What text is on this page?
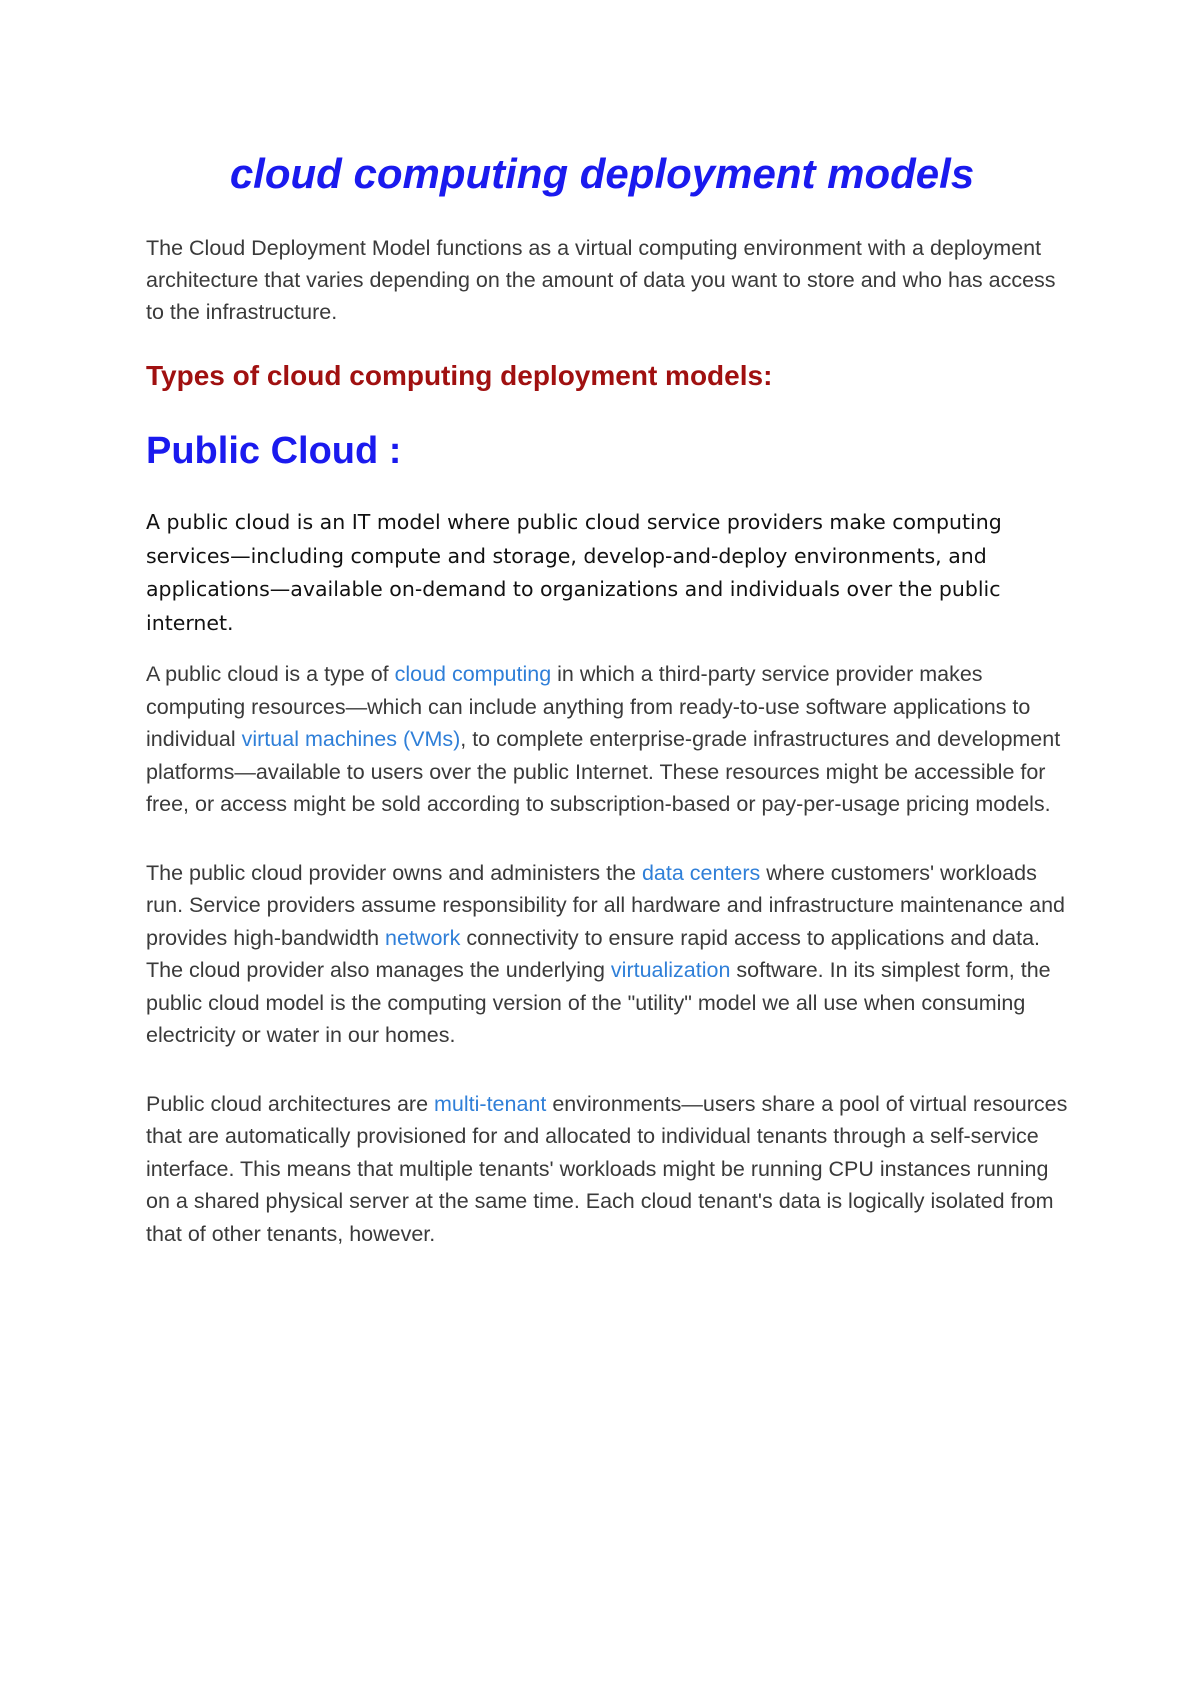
cloud computing deployment models

The Cloud Deployment Model functions as a virtual computing environment with a deployment architecture that varies depending on the amount of data you want to store and who has access to the infrastructure.

Types of cloud computing deployment models:
Public Cloud :

A public cloud is an IT model where public cloud service providers make computing services—including compute and storage, develop-and-deploy environments, and applications—available on-demand to organizations and individuals over the public internet.

A public cloud is a type of cloud computing in which a third-party service provider makes computing resources—which can include anything from ready-to-use software applications to individual virtual machines (VMs), to complete enterprise-grade infrastructures and development platforms—available to users over the public Internet. These resources might be accessible for free, or access might be sold according to subscription-based or pay-per-usage pricing models.

The public cloud provider owns and administers the data centers where customers' workloads run. Service providers assume responsibility for all hardware and infrastructure maintenance and provides high-bandwidth network connectivity to ensure rapid access to applications and data. The cloud provider also manages the underlying virtualization software. In its simplest form, the public cloud model is the computing version of the "utility" model we all use when consuming electricity or water in our homes.

Public cloud architectures are multi-tenant environments—users share a pool of virtual resources that are automatically provisioned for and allocated to individual tenants through a self-service interface. This means that multiple tenants' workloads might be running CPU instances running on a shared physical server at the same time. Each cloud tenant's data is logically isolated from that of other tenants, however.
